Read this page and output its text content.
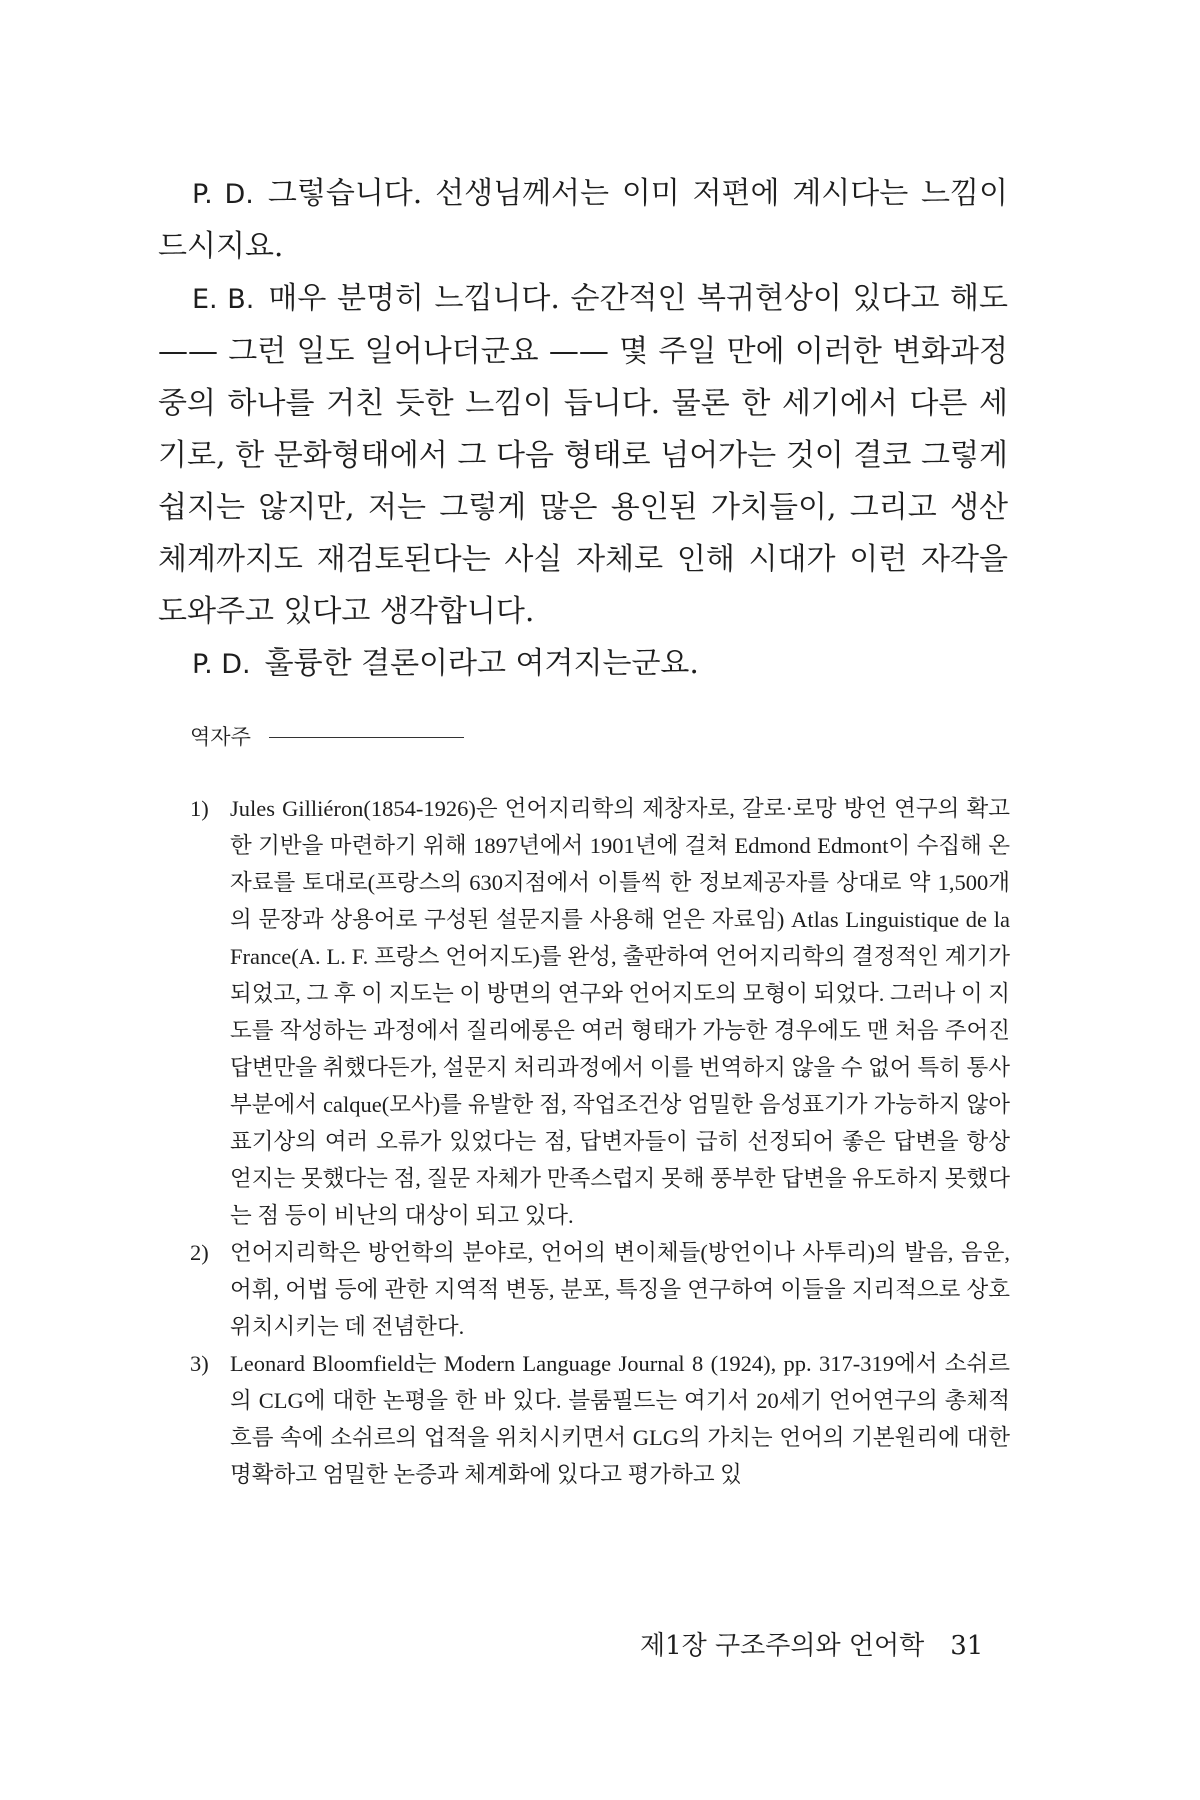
P. D. 그렇습니다. 선생님께서는 이미 저편에 계시다는 느낌이 드시지요.

E. B. 매우 분명히 느낍니다. 순간적인 복귀현상이 있다고 해도—— 그런 일도 일어나더군요 —— 몇 주일 만에 이러한 변화과정 중의 하나를 거친 듯한 느낌이 듭니다. 물론 한 세기에서 다른 세기로, 한 문화형태에서 그 다음 형태로 넘어가는 것이 결코 그렇게 쉽지는 않지만, 저는 그렇게 많은 용인된 가치들이, 그리고 생산 체계까지도 재검토된다는 사실 자체로 인해 시대가 이런 자각을 도와주고 있다고 생각합니다.

P. D. 훌륭한 결론이라고 여겨지는군요.

역자주
1) Jules Gilliéron(1854-1926)은 언어지리학의 제창자로, 갈로·로망 방언 연구의 확고한 기반을 마련하기 위해 1897년에서 1901년에 걸쳐 Edmond Edmont이 수집해 온 자료를 토대로(프랑스의 630지점에서 이틀씩 한 정보제공자를 상대로 약 1,500개의 문장과 상용어로 구성된 설문지를 사용해 얻은 자료임) Atlas Linguistique de la France(A. L. F. 프랑스 언어지도)를 완성, 출판하여 언어지리학의 결정적인 계기가 되었고, 그 후 이 지도는 이 방면의 연구와 언어지도의 모형이 되었다. 그러나 이 지도를 작성하는 과정에서 질리에롱은 여러 형태가 가능한 경우에도 맨 처음 주어진 답변만을 취했다든가, 설문지 처리과정에서 이를 번역하지 않을 수 없어 특히 통사 부분에서 calque(모사)를 유발한 점, 작업조건상 엄밀한 음성표기가 가능하지 않아 표기상의 여러 오류가 있었다는 점, 답변자들이 급히 선정되어 좋은 답변을 항상 얻지는 못했다는 점, 질문 자체가 만족스럽지 못해 풍부한 답변을 유도하지 못했다는 점 등이 비난의 대상이 되고 있다.
2) 언어지리학은 방언학의 분야로, 언어의 변이체들(방언이나 사투리)의 발음, 음운, 어휘, 어법 등에 관한 지역적 변동, 분포, 특징을 연구하여 이들을 지리적으로 상호 위치시키는 데 전념한다.
3) Leonard Bloomfield는 Modern Language Journal 8 (1924), pp. 317-319에서 소쉬르의 CLG에 대한 논평을 한 바 있다. 블룸필드는 여기서 20세기 언어연구의 총체적 흐름 속에 소쉬르의 업적을 위치시키면서 GLG의 가치는 언어의 기본원리에 대한 명확하고 엄밀한 논증과 체계화에 있다고 평가하고 있
제1장 구조주의와 언어학 31
